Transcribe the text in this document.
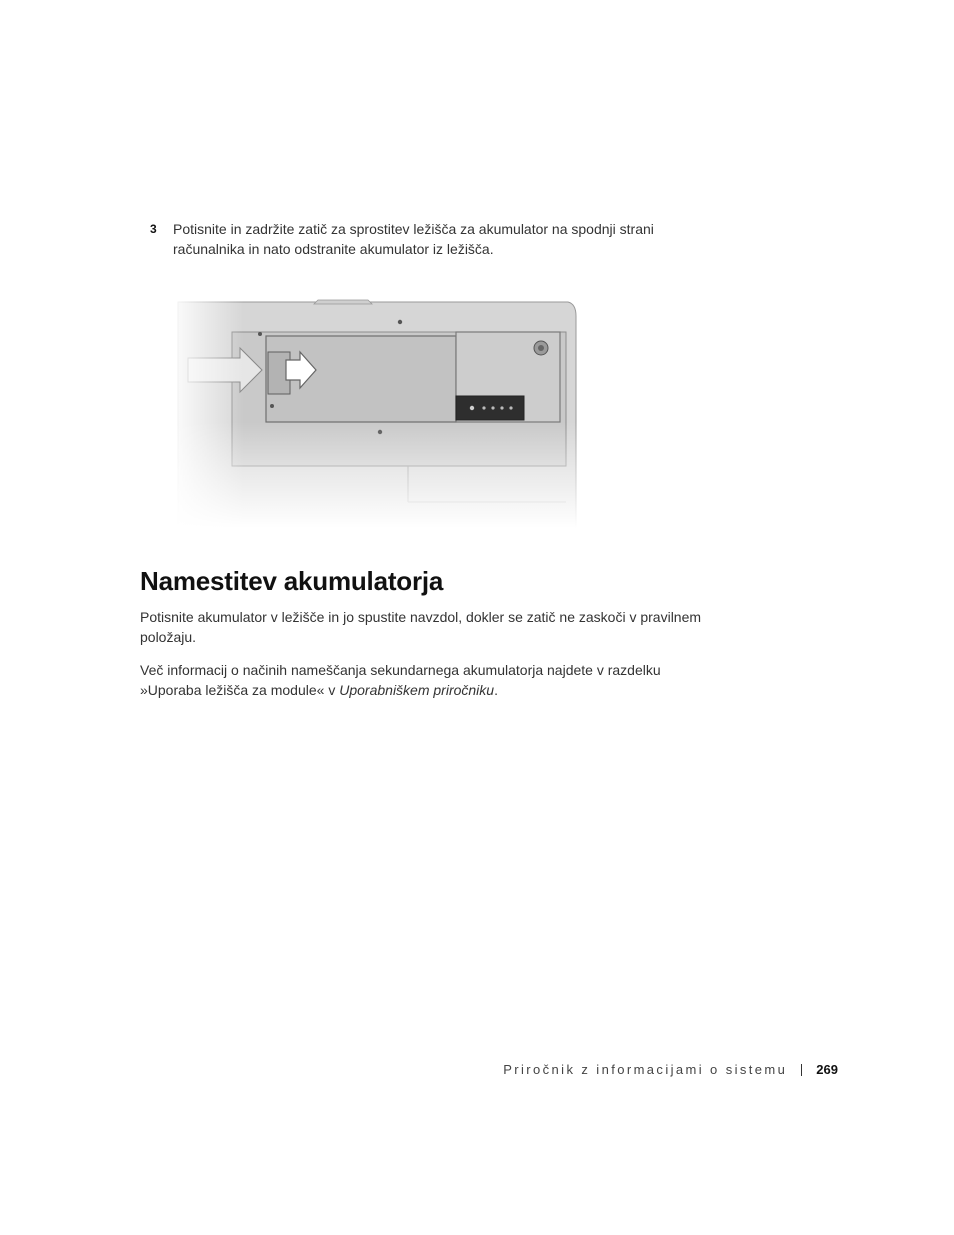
3 Potisnite in zadržite zatič za sprostitev ležišča za akumulator na spodnji strani
računalnika in nato odstranite akumulator iz ležišča.
Namestitev akumulatorja
Potisnite akumulator v ležišče in jo spustite navzdol, dokler se zatič ne zaskoči v pravilnem
položaju.
Več informacij o načinih nameščanja sekundarnega akumulatorja najdete v razdelku
»Uporaba ležišča za module« v Uporabniškem priročniku.
Priročnik z informacijami o sistemu 269
